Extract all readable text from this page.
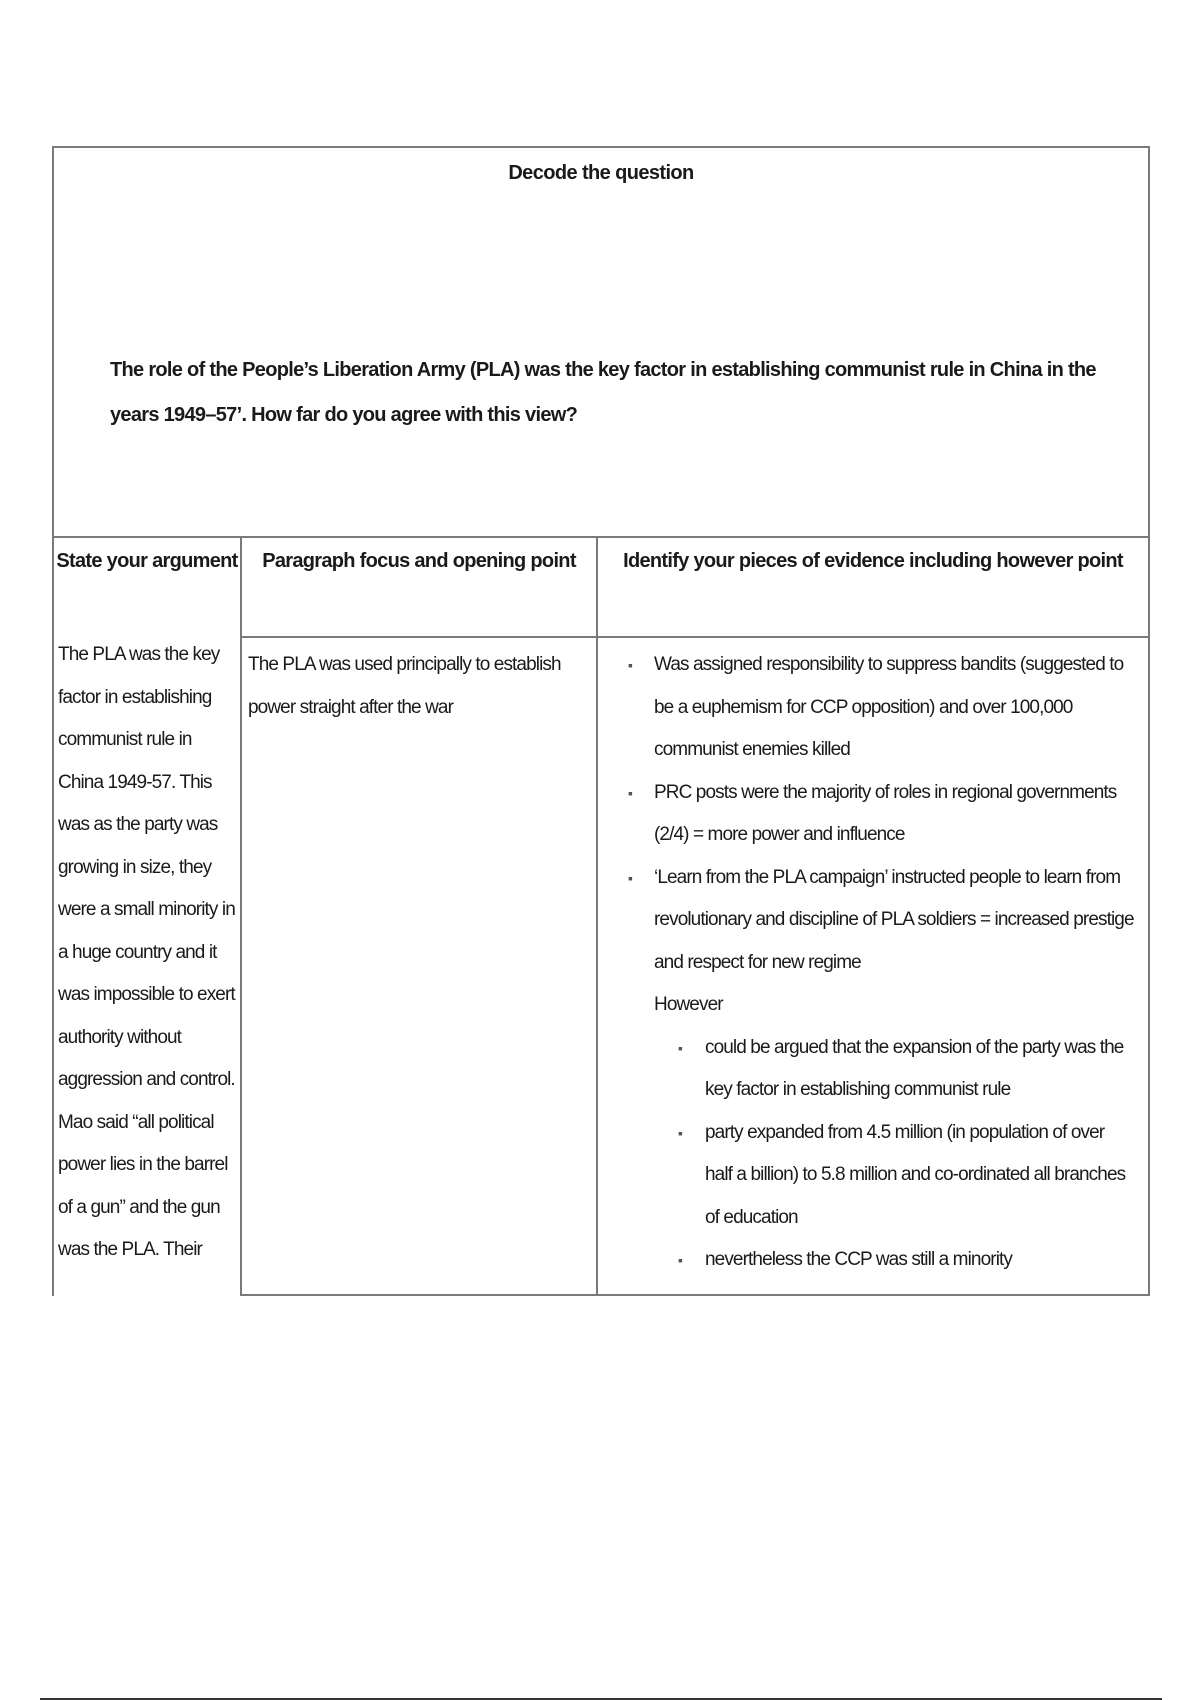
Decode the question
The role of the People’s Liberation Army (PLA) was the key factor in establishing communist rule in China in the years 1949–57’. How far do you agree with this view?
State your argument
The PLA was the key factor in establishing communist rule in China 1949-57. This was as the party was growing in size, they were a small minority in a huge country and it was impossible to exert authority without aggression and control. Mao said “all political power lies in the barrel of a gun” and the gun was the PLA. Their
Paragraph focus and opening point
The PLA was used principally to establish power straight after the war
Identify your pieces of evidence including however point
▪ Was assigned responsibility to suppress bandits (suggested to be a euphemism for CCP opposition) and over 100,000 communist enemies killed
▪ PRC posts were the majority of roles in regional governments (2/4) = more power and influence
▪ ‘Learn from the PLA campaign’ instructed people to learn from revolutionary and discipline of PLA soldiers = increased prestige and respect for new regime
However
▪ could be argued that the expansion of the party was the key factor in establishing communist rule
▪ party expanded from 4.5 million (in population of over half a billion) to 5.8 million and co-ordinated all branches of education
▪ nevertheless the CCP was still a minority
